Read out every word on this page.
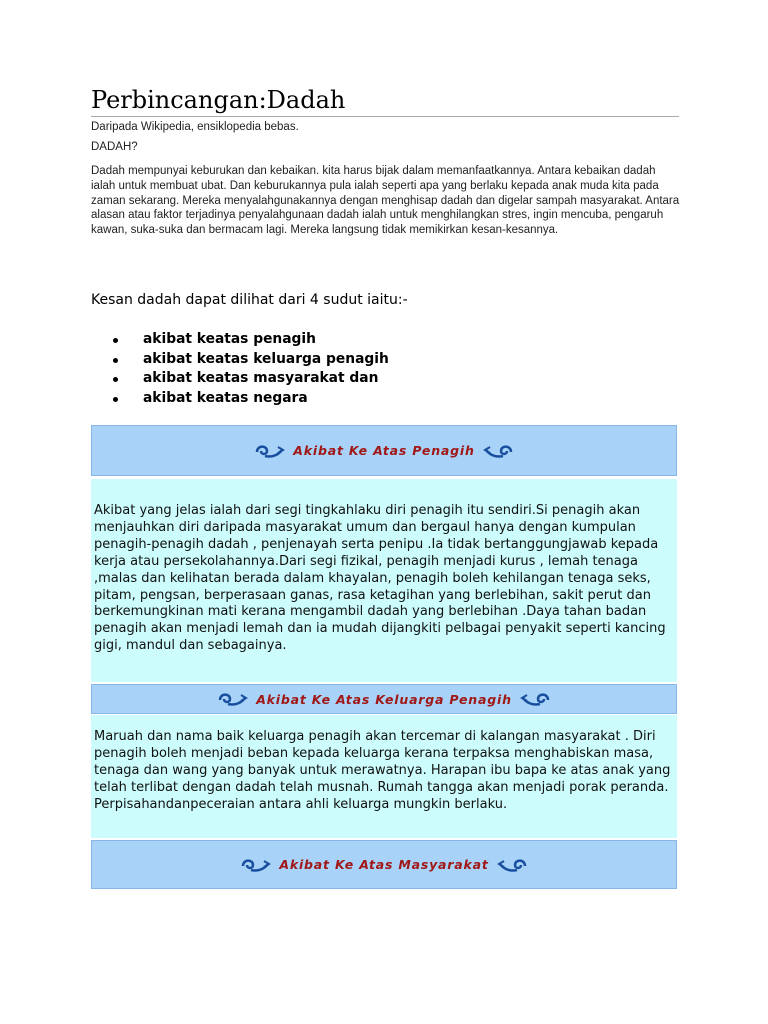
Perbincangan:Dadah
Daripada Wikipedia, ensiklopedia bebas.
DADAH?

Dadah mempunyai keburukan dan kebaikan. kita harus bijak dalam memanfaatkannya. Antara kebaikan dadah ialah untuk membuat ubat. Dan keburukannya pula ialah seperti apa yang berlaku kepada anak muda kita pada zaman sekarang. Mereka menyalahgunakannya dengan menghisap dadah dan digelar sampah masyarakat. Antara alasan atau faktor terjadinya penyalahgunaan dadah ialah untuk menghilangkan stres, ingin mencuba, pengaruh kawan, suka-suka dan bermacam lagi. Mereka langsung tidak memikirkan kesan-kesannya.

Kesan dadah dapat dilihat dari 4 sudut iaitu:-

akibat keatas penagih
akibat keatas keluarga penagih
akibat keatas masyarakat dan
akibat keatas negara
Akibat Ke Atas Penagih

Akibat yang jelas ialah dari segi tingkahlaku diri penagih itu sendiri.Si penagih akan menjauhkan diri daripada masyarakat umum dan bergaul hanya dengan kumpulan penagih-penagih dadah , penjenayah serta penipu .Ia tidak bertanggungjawab kepada kerja atau persekolahannya.Dari segi fizikal, penagih menjadi kurus , lemah tenaga ,malas dan kelihatan berada dalam khayalan, penagih boleh kehilangan tenaga seks, pitam, pengsan, berperasaan ganas, rasa ketagihan yang berlebihan, sakit perut dan berkemungkinan mati kerana mengambil dadah yang berlebihan .Daya tahan badan penagih akan menjadi lemah dan ia mudah dijangkiti pelbagai penyakit seperti kancing gigi, mandul dan sebagainya.

Akibat Ke Atas Keluarga Penagih

Maruah dan nama baik keluarga penagih akan tercemar di kalangan masyarakat . Diri penagih boleh menjadi beban kepada keluarga kerana terpaksa menghabiskan masa, tenaga dan wang yang banyak untuk merawatnya. Harapan ibu bapa ke atas anak yang telah terlibat dengan dadah telah musnah. Rumah tangga akan menjadi porak peranda. Perpisahandanpeceraian antara ahli keluarga mungkin berlaku.

Akibat Ke Atas Masyarakat
